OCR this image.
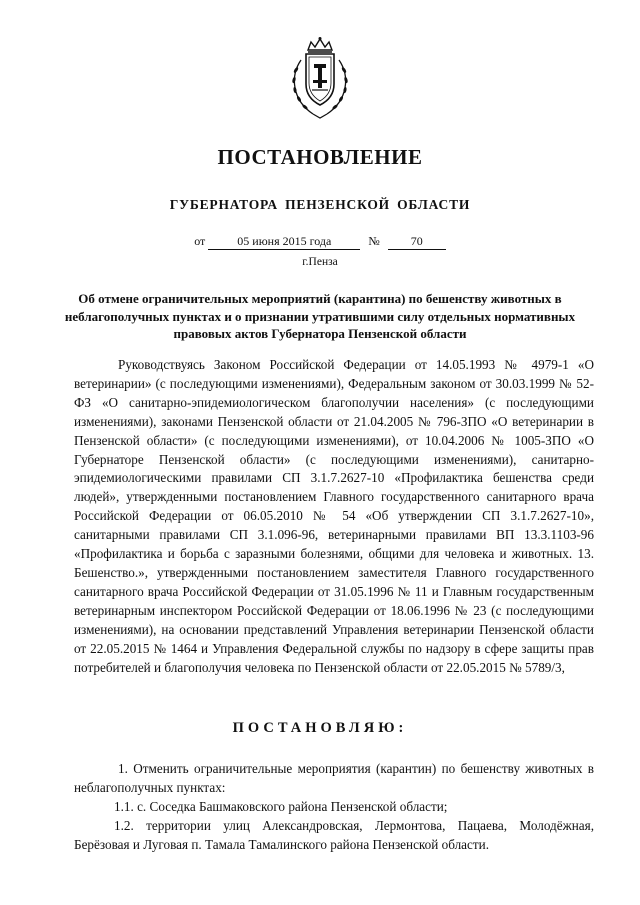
ПОСТАНОВЛЕНИЕ
ГУБЕРНАТОРА ПЕНЗЕНСКОЙ ОБЛАСТИ
от	05 июня 2015 года	№	70
г.Пенза
Об отмене ограничительных мероприятий (карантина) по бешенству животных в неблагополучных пунктах и о признании утратившими силу отдельных нормативных правовых актов Губернатора Пензенской области

Руководствуясь Законом Российской Федерации от 14.05.1993 № 4979-1 «О ветеринарии» (с последующими изменениями), Федеральным законом от 30.03.1999 № 52-ФЗ «О санитарно-эпидемиологическом благополучии населения» (с последующими изменениями), законами Пензенской области от 21.04.2005 № 796-ЗПО «О ветеринарии в Пензенской области» (с последующими изменениями), от 10.04.2006 № 1005-ЗПО «О Губернаторе Пензенской области» (с последующими изменениями), санитарно-эпидемиологическими правилами СП 3.1.7.2627-10 «Профилактика бешенства среди людей», утвержденными постановлением Главного государственного санитарного врача Российской Федерации от 06.05.2010 № 54 «Об утверждении СП 3.1.7.2627-10», санитарными правилами СП 3.1.096-96, ветеринарными правилами ВП 13.3.1103-96 «Профилактика и борьба с заразными болезнями, общими для человека и животных. 13. Бешенство.», утвержденными постановлением заместителя Главного государственного санитарного врача Российской Федерации от 31.05.1996 № 11 и Главным государственным ветеринарным инспектором Российской Федерации от 18.06.1996 № 23 (с последующими изменениями), на основании представлений Управления ветеринарии Пензенской области от 22.05.2015 № 1464 и Управления Федеральной службы по надзору в сфере защиты прав потребителей и благополучия человека по Пензенской области от 22.05.2015 № 5789/3,

ПОСТАНОВЛЯЮ:

1. Отменить ограничительные мероприятия (карантин) по бешенству животных в неблагополучных пунктах:

1.1. с. Соседка Башмаковского района Пензенской области;

1.2. территории улиц Александровская, Лермонтова, Пацаева, Молодёжная, Берёзовая и Луговая п. Тамала Тамалинского района Пензенской области.
